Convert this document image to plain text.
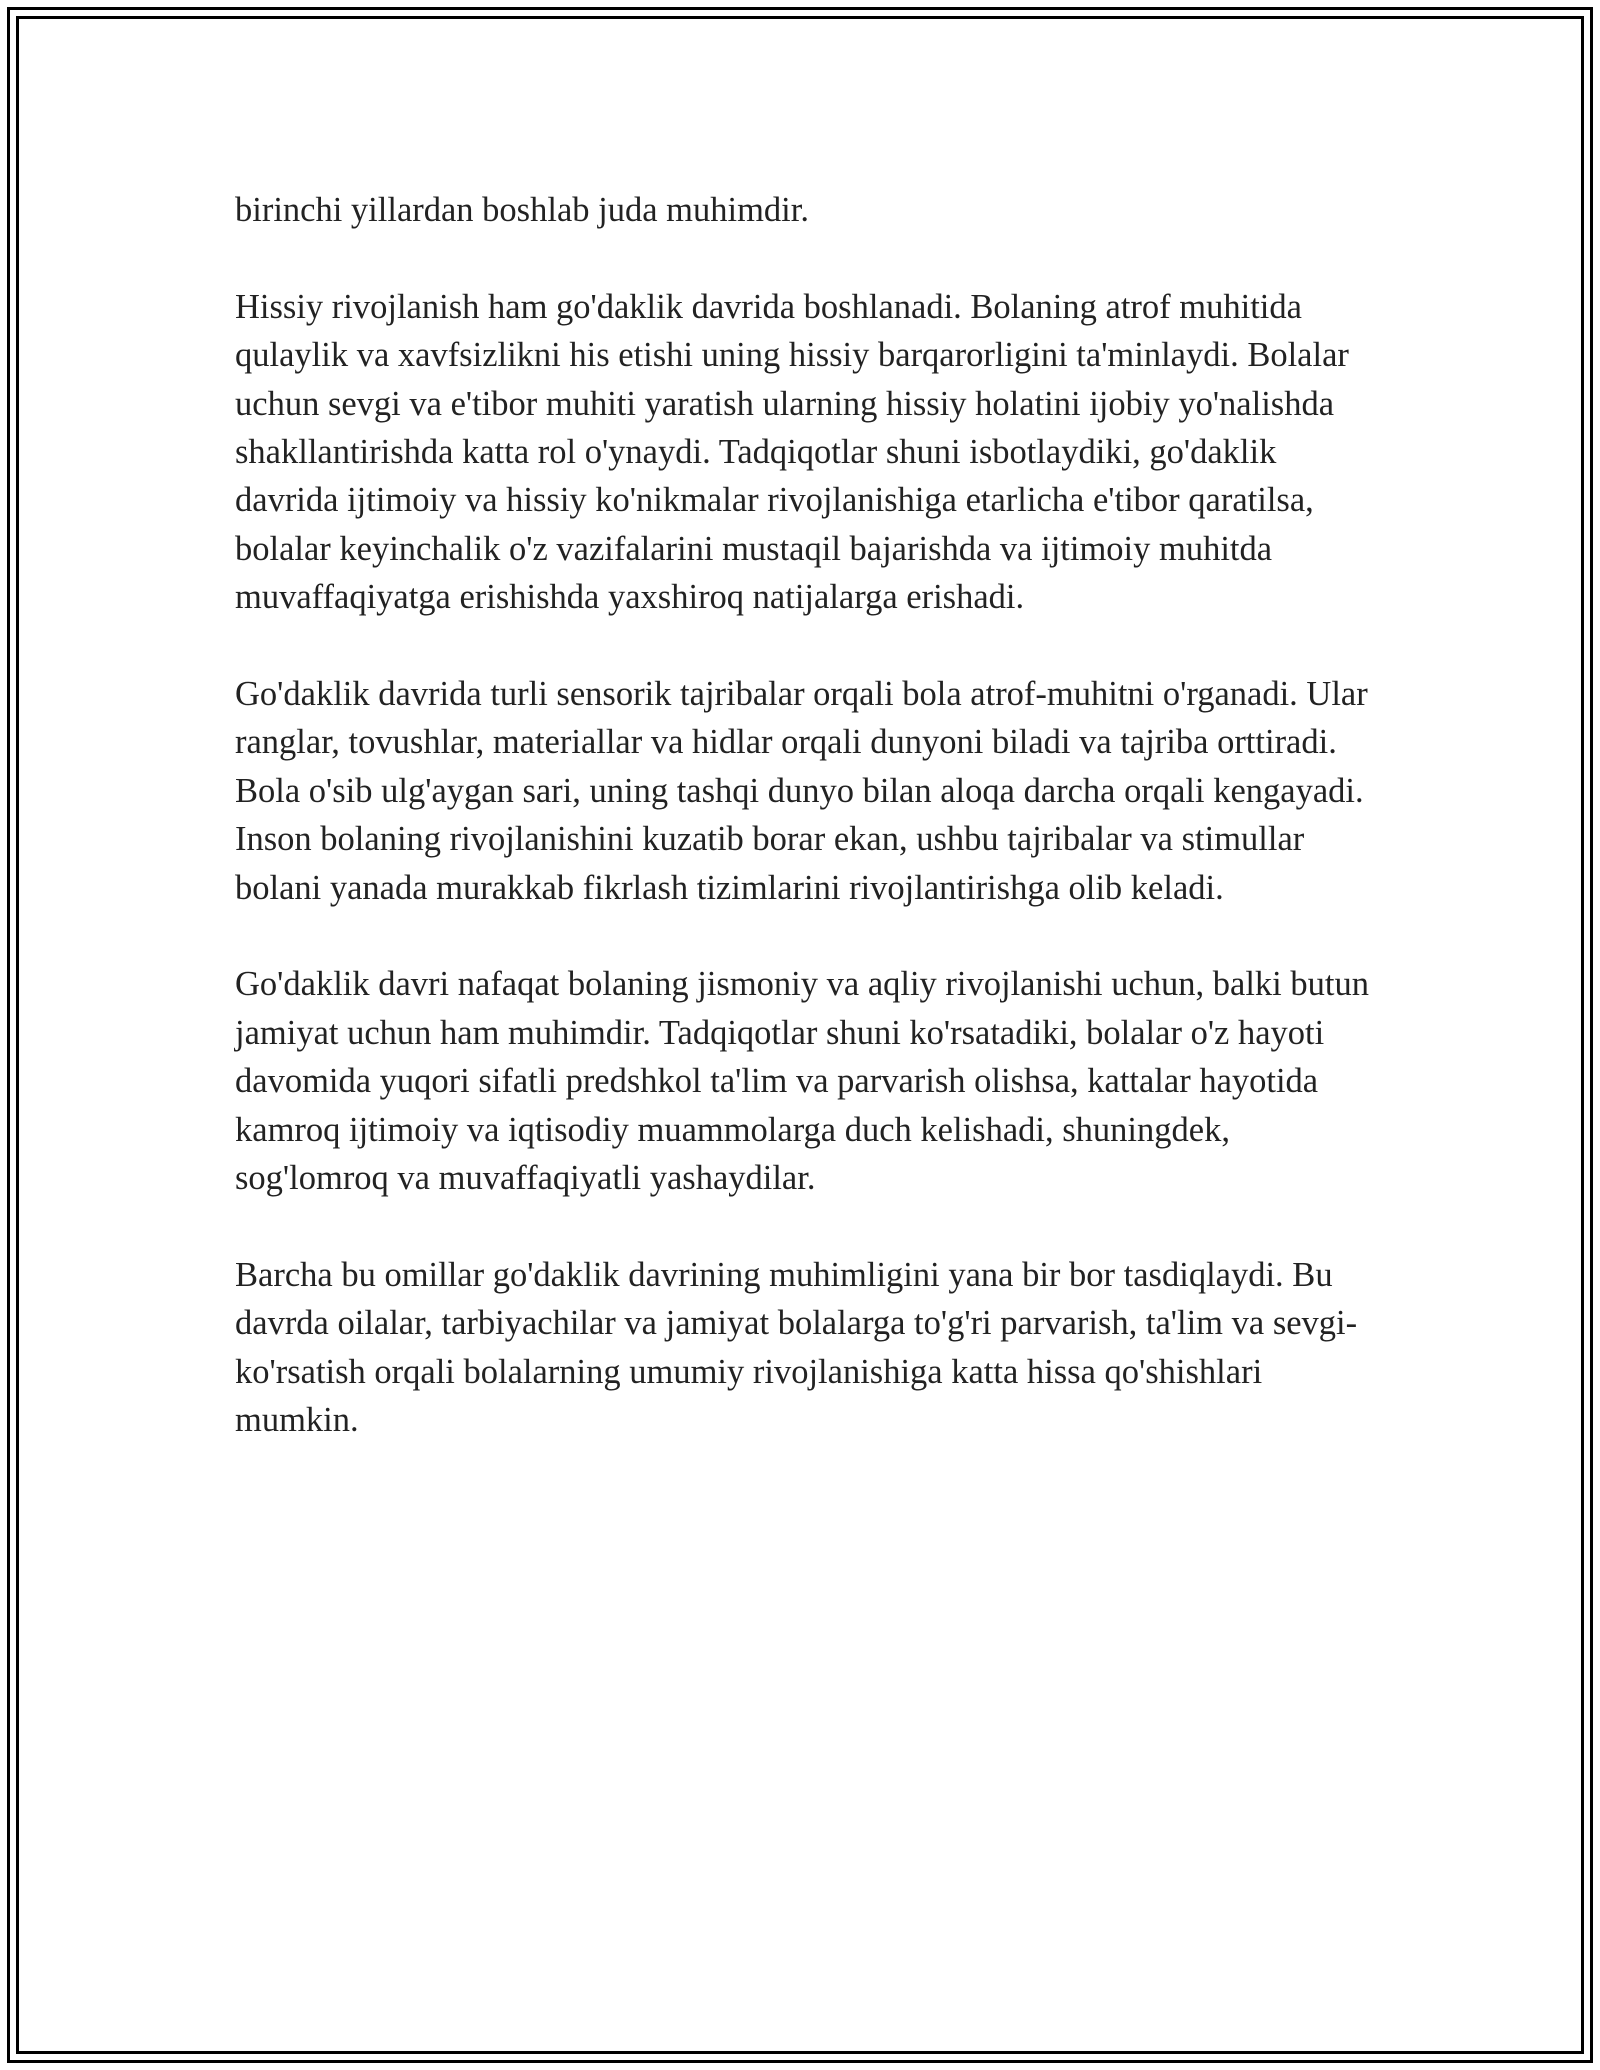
birinchi yillardan boshlab juda muhimdir.

Hissiy rivojlanish ham go'daklik davrida boshlanadi. Bolaning atrof muhitida qulaylik va xavfsizlikni his etishi uning hissiy barqarorligini ta'minlaydi. Bolalar uchun sevgi va e'tibor muhiti yaratish ularning hissiy holatini ijobiy yo'nalishda shakllantirishda katta rol o'ynaydi. Tadqiqotlar shuni isbotlaydiki, go'daklik davrida ijtimoiy va hissiy ko'nikmalar rivojlanishiga etarlicha e'tibor qaratilsa, bolalar keyinchalik o'z vazifalarini mustaqil bajarishda va ijtimoiy muhitda muvaffaqiyatga erishishda yaxshiroq natijalarga erishadi.

Go'daklik davrida turli sensorik tajribalar orqali bola atrof-muhitni o'rganadi. Ular ranglar, tovushlar, materiallar va hidlar orqali dunyoni biladi va tajriba orttiradi. Bola o'sib ulg'aygan sari, uning tashqi dunyo bilan aloqa darcha orqali kengayadi. Inson bolaning rivojlanishini kuzatib borar ekan, ushbu tajribalar va stimullar bolani yanada murakkab fikrlash tizimlarini rivojlantirishga olib keladi.

Go'daklik davri nafaqat bolaning jismoniy va aqliy rivojlanishi uchun, balki butun jamiyat uchun ham muhimdir. Tadqiqotlar shuni ko'rsatadiki, bolalar o'z hayoti davomida yuqori sifatli predshkol ta'lim va parvarish olishsa, kattalar hayotida kamroq ijtimoiy va iqtisodiy muammolarga duch kelishadi, shuningdek, sog'lomroq va muvaffaqiyatli yashaydilar.

Barcha bu omillar go'daklik davrining muhimligini yana bir bor tasdiqlaydi. Bu davrda oilalar, tarbiyachilar va jamiyat bolalarga to'g'ri parvarish, ta'lim va sevgi-ko'rsatish orqali bolalarning umumiy rivojlanishiga katta hissa qo'shishlari mumkin.
